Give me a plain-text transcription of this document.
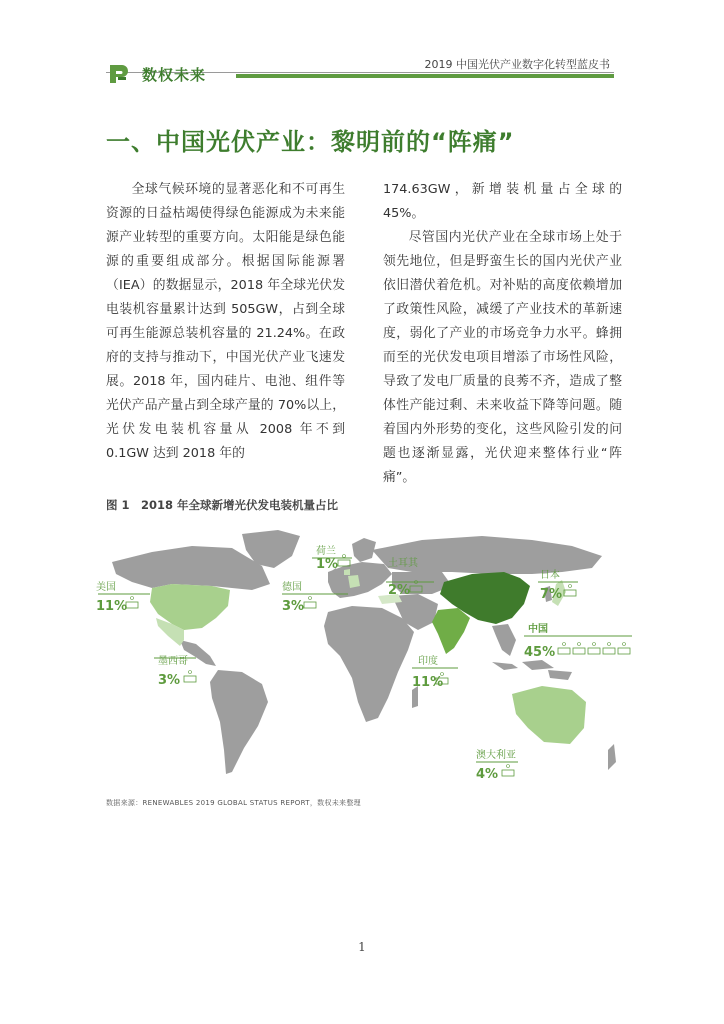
2019 中国光伏产业数字化转型蓝皮书
数权未来
一、中国光伏产业：黎明前的“阵痛”

全球气候环境的显著恶化和不可再生资源的日益枯竭使得绿色能源成为未来能源产业转型的重要方向。太阳能是绿色能源的重要组成部分。根据国际能源署（IEA）的数据显示，2018 年全球光伏发电装机容量累计达到 505GW，占到全球可再生能源总装机容量的 21.24%。在政府的支持与推动下，中国光伏产业飞速发展。2018 年，国内硅片、电池、组件等光伏产品产量占到全球产量的 70%以上，光伏发电装机容量从 2008 年不到 0.1GW 达到 2018 年的

174.63GW，新增装机量占全球的 45%。

尽管国内光伏产业在全球市场上处于领先地位，但是野蛮生长的国内光伏产业依旧潜伏着危机。对补贴的高度依赖增加了政策性风险，减缓了产业技术的革新速度，弱化了产业的市场竞争力水平。蜂拥而至的光伏发电项目增添了市场性风险，导致了发电厂质量的良莠不齐，造成了整体性产能过剩、未来收益下降等问题。随着国内外形势的变化，这些风险引发的问题也逐渐显露，光伏迎来整体行业“阵痛”。

图 1　2018 年全球新增光伏发电装机量占比
美国
11%
荷兰
1%
德国
3%
土耳其
2%
日本
7%
中国
45%
墨西哥
3%
印度
11%
澳大利亚
4%
数据来源：RENEWABLES 2019 GLOBAL STATUS REPORT，数权未来整理
1
